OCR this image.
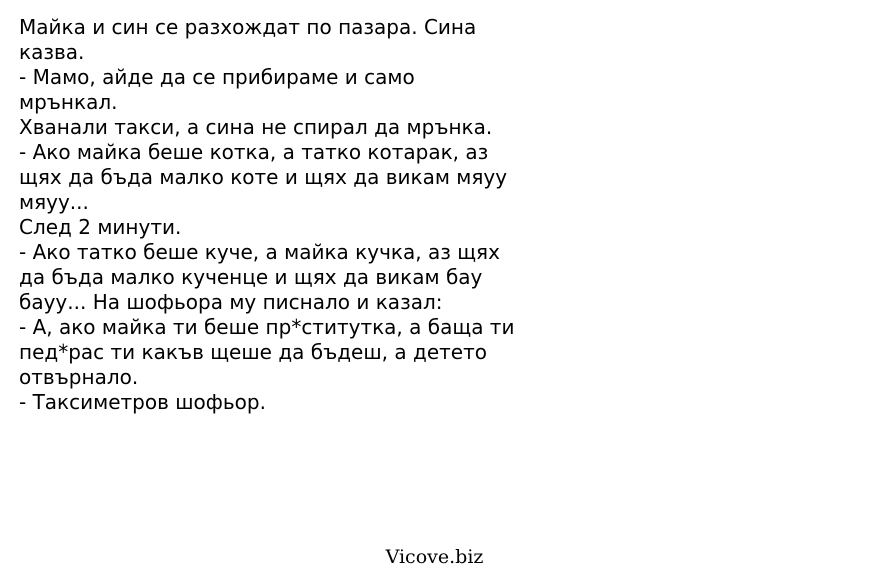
Майка и син се разхождат по пазара. Сина
казва.
- Мамо, айде да се прибираме и само
мрънкал.
Хванали такси, а сина не спирал да мрънка.
- Ако майка беше котка, а татко котарак, аз
щях да бъда малко коте и щях да викам мяуу
мяуу...
След 2 минути.
- Ако татко беше куче, а майка кучка, аз щях
да бъда малко кученце и щях да викам бау
бауу... На шофьора му писнало и казал:
- А, ако майка ти беше пр*ститутка, а баща ти
пед*рас ти какъв щеше да бъдеш, а детето
отвърнало.
- Таксиметров шофьор.
Vicove.biz
